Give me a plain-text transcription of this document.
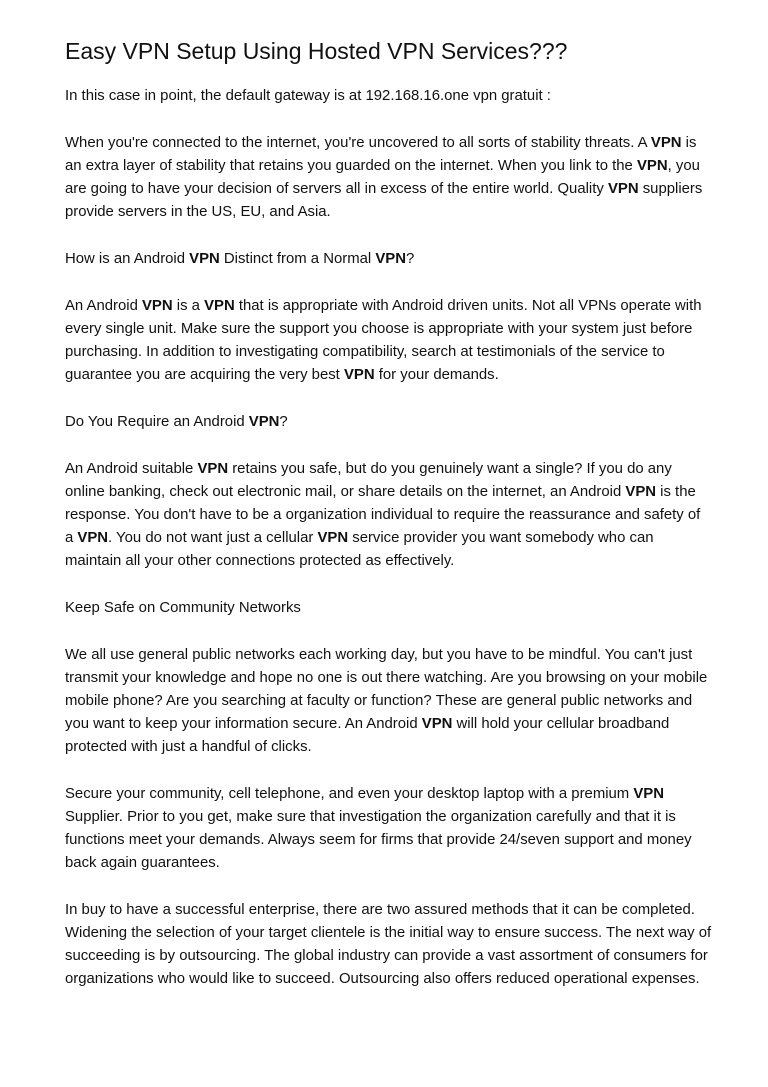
Easy VPN Setup Using Hosted VPN Services???

In this case in point, the default gateway is at 192.168.16.one vpn gratuit :

When you're connected to the internet, you're uncovered to all sorts of stability threats. A VPN is an extra layer of stability that retains you guarded on the internet. When you link to the VPN, you are going to have your decision of servers all in excess of the entire world. Quality VPN suppliers provide servers in the US, EU, and Asia.

How is an Android VPN Distinct from a Normal VPN?

An Android VPN is a VPN that is appropriate with Android driven units. Not all VPNs operate with every single unit. Make sure the support you choose is appropriate with your system just before purchasing. In addition to investigating compatibility, search at testimonials of the service to guarantee you are acquiring the very best VPN for your demands.

Do You Require an Android VPN?

An Android suitable VPN retains you safe, but do you genuinely want a single? If you do any online banking, check out electronic mail, or share details on the internet, an Android VPN is the response. You don't have to be a organization individual to require the reassurance and safety of a VPN. You do not want just a cellular VPN service provider you want somebody who can maintain all your other connections protected as effectively.

Keep Safe on Community Networks

We all use general public networks each working day, but you have to be mindful. You can't just transmit your knowledge and hope no one is out there watching. Are you browsing on your mobile mobile phone? Are you searching at faculty or function? These are general public networks and you want to keep your information secure. An Android VPN will hold your cellular broadband protected with just a handful of clicks.

Secure your community, cell telephone, and even your desktop laptop with a premium VPN Supplier. Prior to you get, make sure that investigation the organization carefully and that it is functions meet your demands. Always seem for firms that provide 24/seven support and money back again guarantees.

In buy to have a successful enterprise, there are two assured methods that it can be completed. Widening the selection of your target clientele is the initial way to ensure success. The next way of succeeding is by outsourcing. The global industry can provide a vast assortment of consumers for organizations who would like to succeed. Outsourcing also offers reduced operational expenses.
